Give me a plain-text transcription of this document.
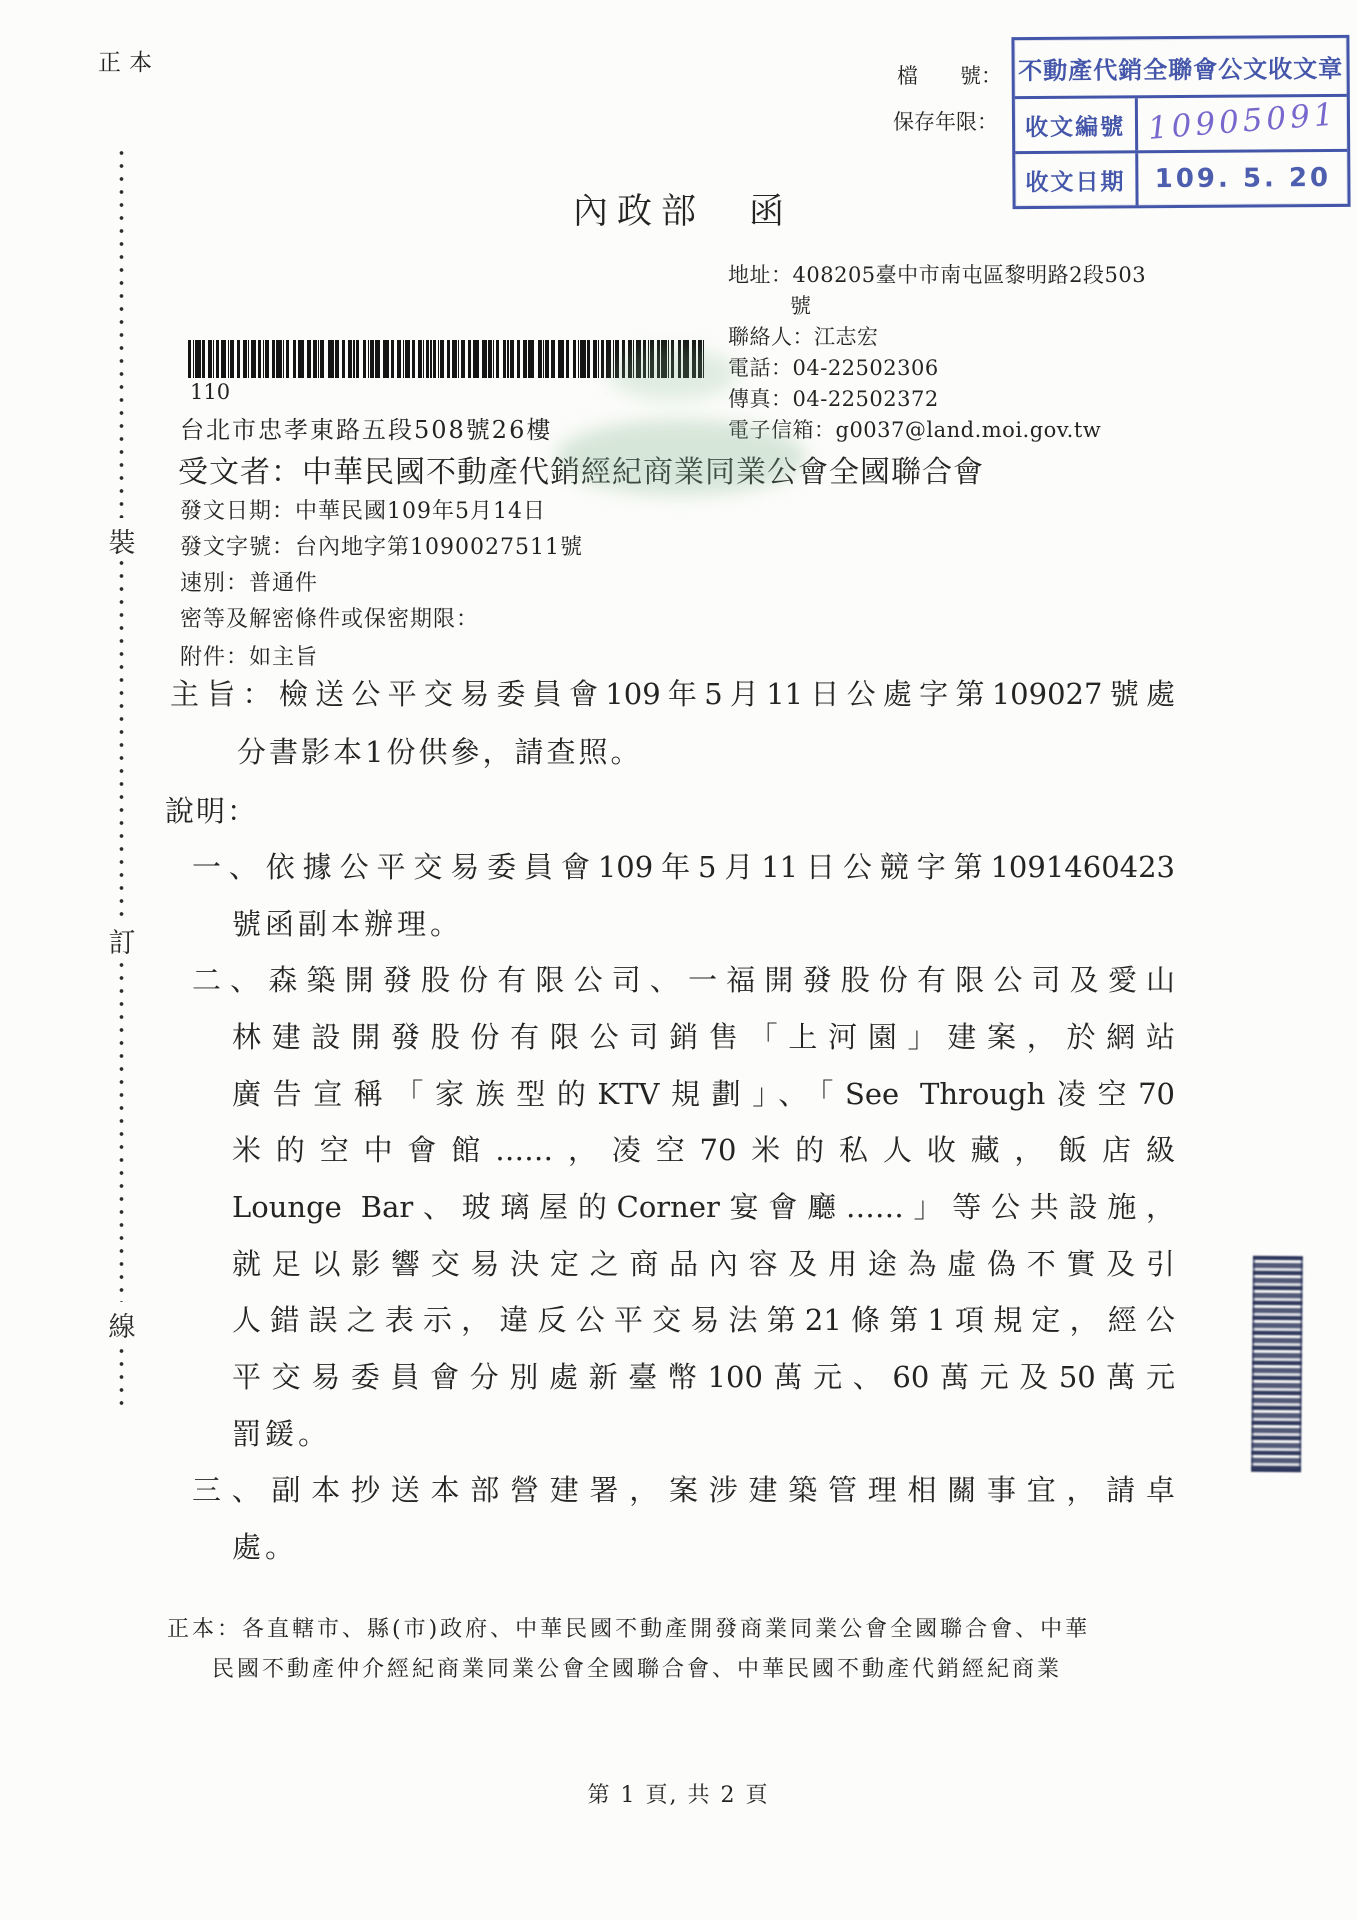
正本	檔　　號：
保存年限：
不動產代銷全聯會公文收文章
收文編號 10905091
收文日期	109. 5. 20
內政部 函
地址：408205臺中市南屯區黎明路2段503
號
聯絡人：江志宏
電話：04-22502306
傳真：04-22502372
電子信箱：g0037@land.moi.gov.tw
110
台北市忠孝東路五段508號26樓
受文者：中華民國不動產代銷經紀商業同業公會全國聯合會
發文日期：中華民國109年5月14日
發文字號：台內地字第1090027511號
速別：普通件
密等及解密條件或保密期限：
附件：如主旨
主旨：檢送公平交易委員會109年5月11日公處字第109027號處
分書影本1份供參，請查照。
說明：
一、依據公平交易委員會109年5月11日公競字第1091460423
號函副本辦理。
二、森築開發股份有限公司、一福開發股份有限公司及愛山
林建設開發股份有限公司銷售「上河園」建案，於網站
廣告宣稱「家族型的KTV規劃」、「See Through凌空70
米的空中會館……，凌空70米的私人收藏，飯店級
Lounge Bar、玻璃屋的Corner宴會廳……」等公共設施，
就足以影響交易決定之商品內容及用途為虛偽不實及引
人錯誤之表示，違反公平交易法第21條第1項規定，經公
平交易委員會分別處新臺幣100萬元、60萬元及50萬元
罰鍰。
三、副本抄送本部營建署，案涉建築管理相關事宜，請卓
處。
正本：各直轄市、縣(市)政府、中華民國不動產開發商業同業公會全國聯合會、中華
民國不動產仲介經紀商業同業公會全國聯合會、中華民國不動產代銷經紀商業
第 1 頁, 共 2 頁
裝
訂
線
